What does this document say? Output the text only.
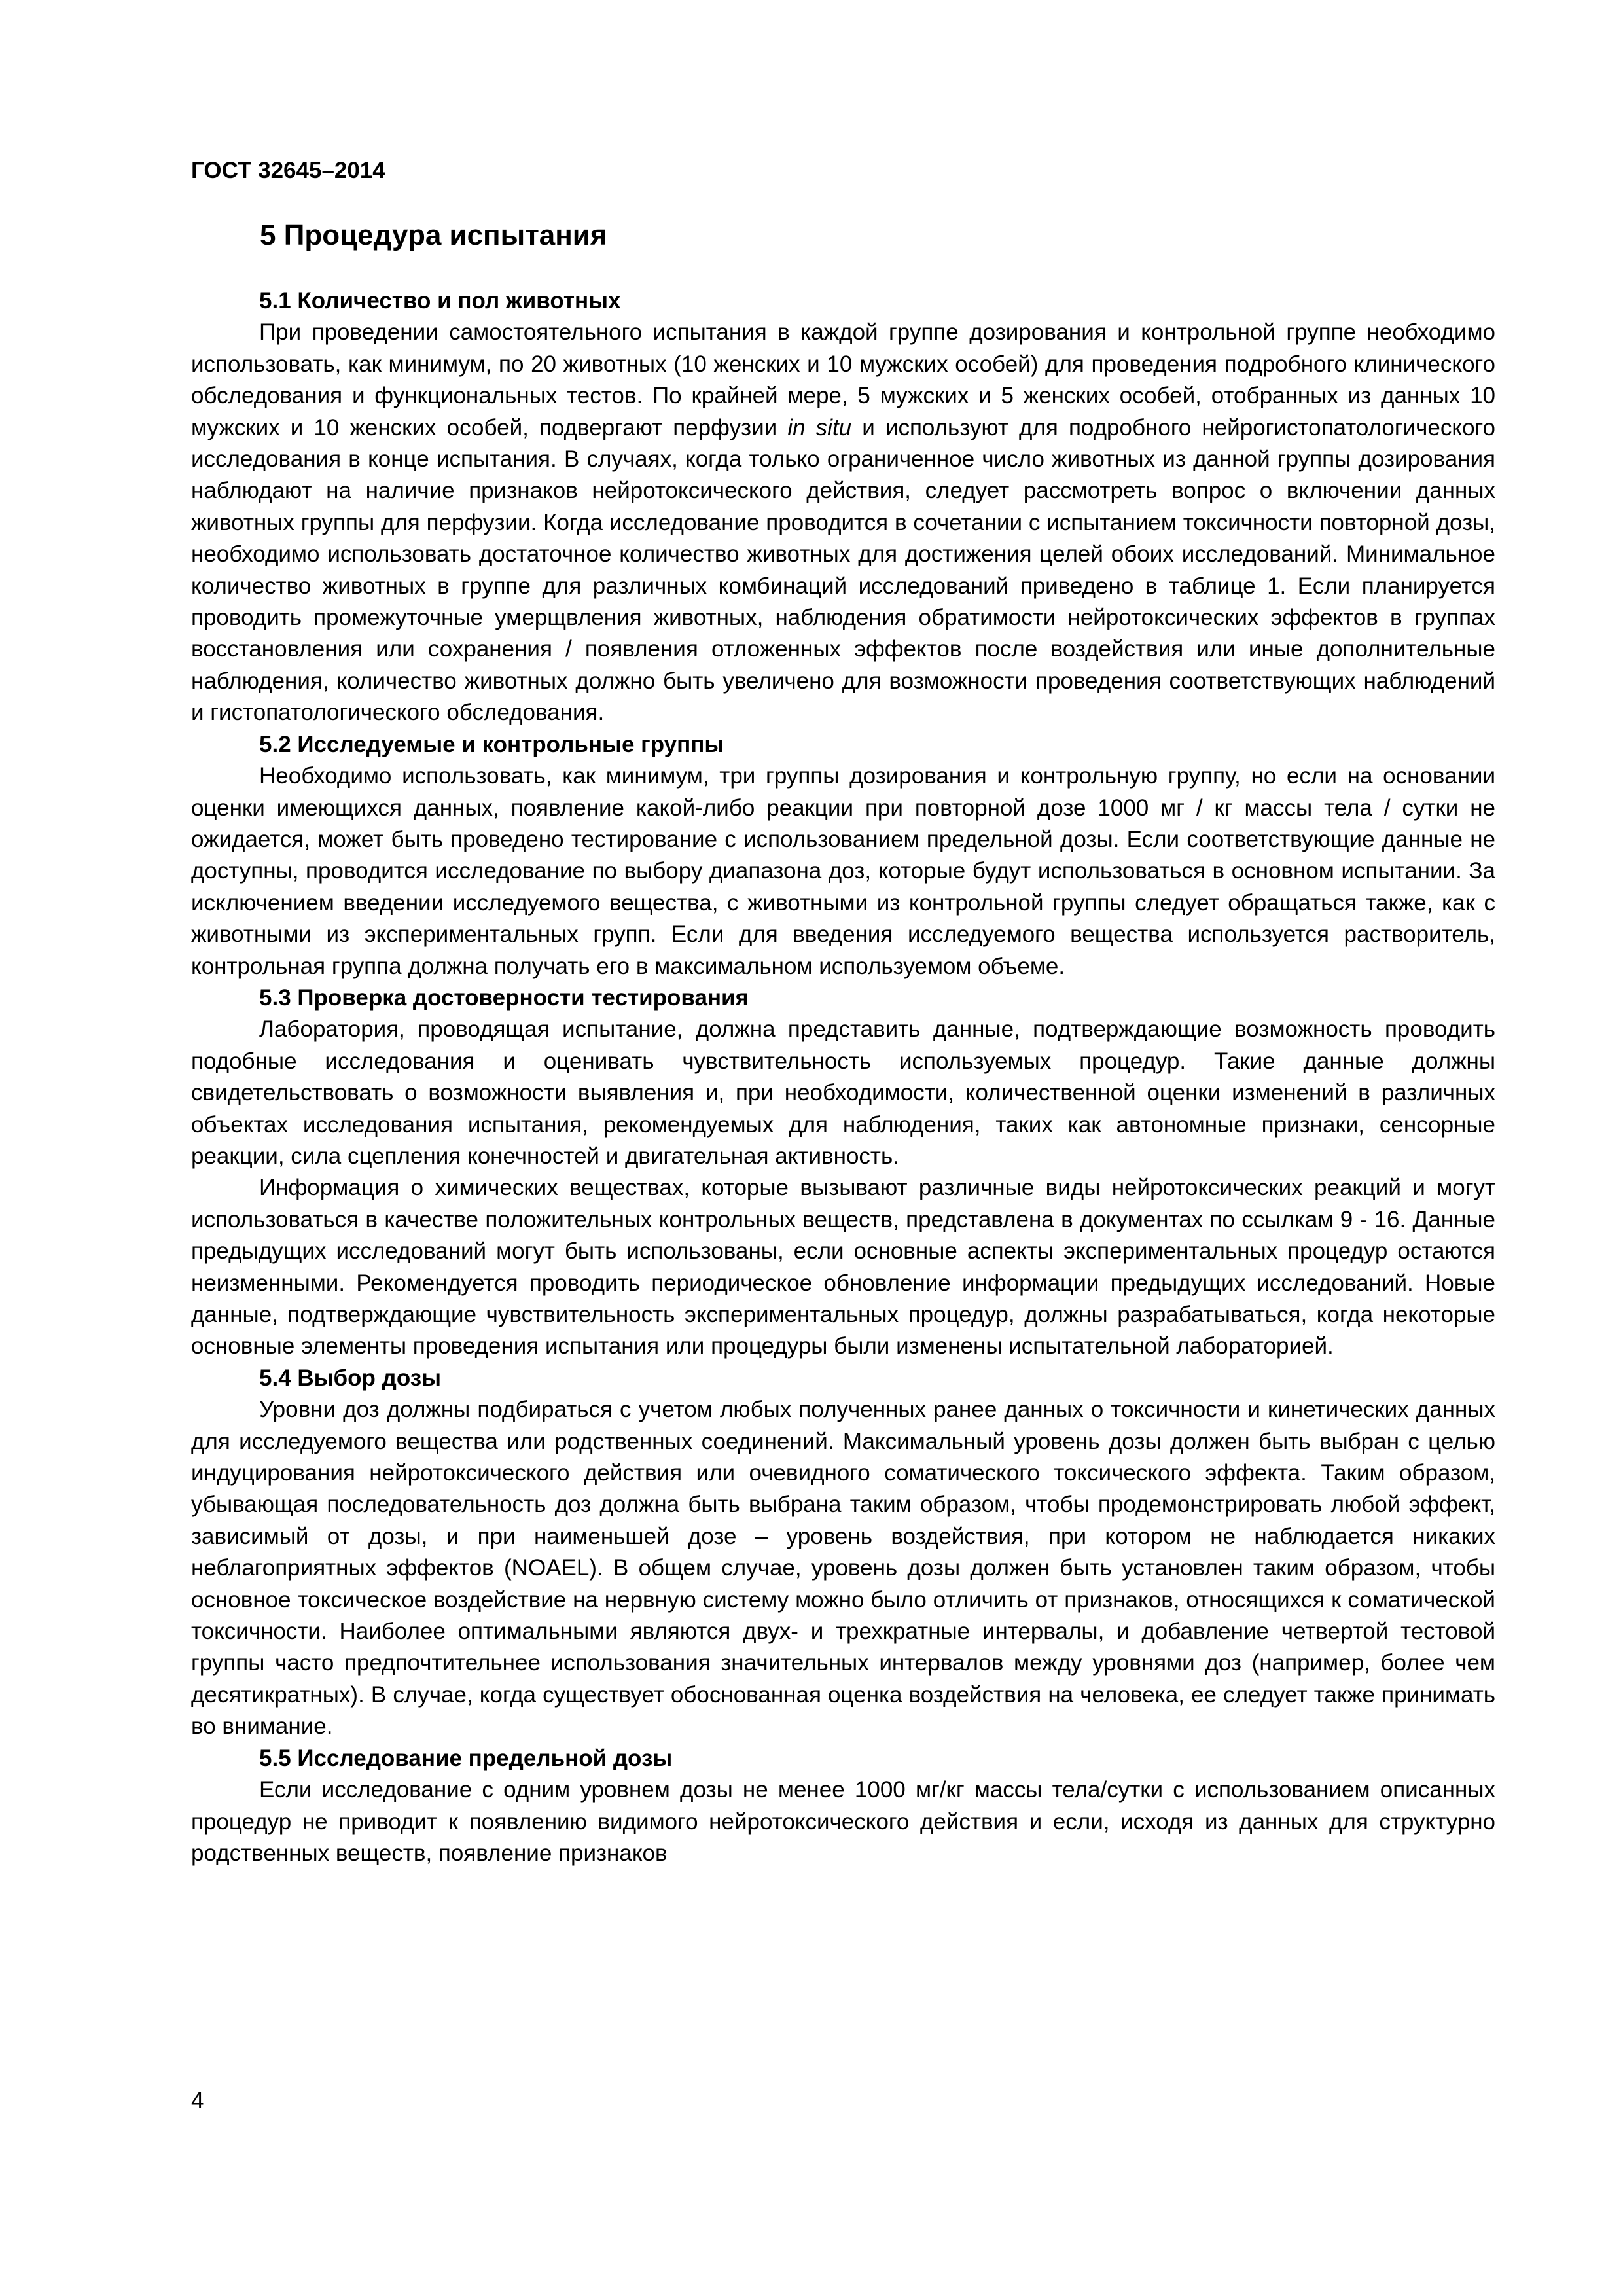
ГОСТ 32645–2014
5 Процедура испытания
5.1 Количество и пол животных

При проведении самостоятельного испытания в каждой группе дозирования и контрольной группе необходимо использовать, как минимум, по 20 животных (10 женских и 10 мужских особей) для проведения подробного клинического обследования и функциональных тестов. По крайней мере, 5 мужских и 5 женских особей, отобранных из данных 10 мужских и 10 женских особей, подвергают перфузии in situ и используют для подробного нейрогистопатологического исследования в конце испытания. В случаях, когда только ограниченное число животных из данной группы дозирования наблюдают на наличие признаков нейротоксического действия, следует рассмотреть вопрос о включении данных животных группы для перфузии. Когда исследование проводится в сочетании с испытанием токсичности повторной дозы, необходимо использовать достаточное количество животных для достижения целей обоих исследований. Минимальное количество животных в группе для различных комбинаций исследований приведено в таблице 1. Если планируется проводить промежуточные умерщвления животных, наблюдения обратимости нейротоксических эффектов в группах восстановления или сохранения / появления отложенных эффектов после воздействия или иные дополнительные наблюдения, количество животных должно быть увеличено для возможности проведения соответствующих наблюдений и гистопатологического обследования.

5.2 Исследуемые и контрольные группы

Необходимо использовать, как минимум, три группы дозирования и контрольную группу, но если на основании оценки имеющихся данных, появление какой-либо реакции при повторной дозе 1000 мг / кг массы тела / сутки не ожидается, может быть проведено тестирование с использованием предельной дозы. Если соответствующие данные не доступны, проводится исследование по выбору диапазона доз, которые будут использоваться в основном испытании. За исключением введении исследуемого вещества, с животными из контрольной группы следует обращаться также, как с животными из экспериментальных групп. Если для введения исследуемого вещества используется растворитель, контрольная группа должна получать его в максимальном используемом объеме.

5.3 Проверка достоверности тестирования

Лаборатория, проводящая испытание, должна представить данные, подтверждающие возможность проводить подобные исследования и оценивать чувствительность используемых процедур. Такие данные должны свидетельствовать о возможности выявления и, при необходимости, количественной оценки изменений в различных объектах исследования испытания, рекомендуемых для наблюдения, таких как автономные признаки, сенсорные реакции, сила сцепления конечностей и двигательная активность.

Информация о химических веществах, которые вызывают различные виды нейротоксических реакций и могут использоваться в качестве положительных контрольных веществ, представлена в документах по ссылкам 9 - 16. Данные предыдущих исследований могут быть использованы, если основные аспекты экспериментальных процедур остаются неизменными. Рекомендуется проводить периодическое обновление информации предыдущих исследований. Новые данные, подтверждающие чувствительность экспериментальных процедур, должны разрабатываться, когда некоторые основные элементы проведения испытания или процедуры были изменены испытательной лабораторией.

5.4 Выбор дозы

Уровни доз должны подбираться с учетом любых полученных ранее данных о токсичности и кинетических данных для исследуемого вещества или родственных соединений. Максимальный уровень дозы должен быть выбран с целью индуцирования нейротоксического действия или очевидного соматического токсического эффекта. Таким образом, убывающая последовательность доз должна быть выбрана таким образом, чтобы продемонстрировать любой эффект, зависимый от дозы, и при наименьшей дозе – уровень воздействия, при котором не наблюдается никаких неблагоприятных эффектов (NOAEL). В общем случае, уровень дозы должен быть установлен таким образом, чтобы основное токсическое воздействие на нервную систему можно было отличить от признаков, относящихся к соматической токсичности. Наиболее оптимальными являются двух- и трехкратные интервалы, и добавление четвертой тестовой группы часто предпочтительнее использования значительных интервалов между уровнями доз (например, более чем десятикратных). В случае, когда существует обоснованная оценка воздействия на человека, ее следует также принимать во внимание.

5.5 Исследование предельной дозы

Если исследование с одним уровнем дозы не менее 1000 мг/кг массы тела/сутки с использованием описанных процедур не приводит к появлению видимого нейротоксического действия и если, исходя из данных для структурно родственных веществ, появление признаков

4
